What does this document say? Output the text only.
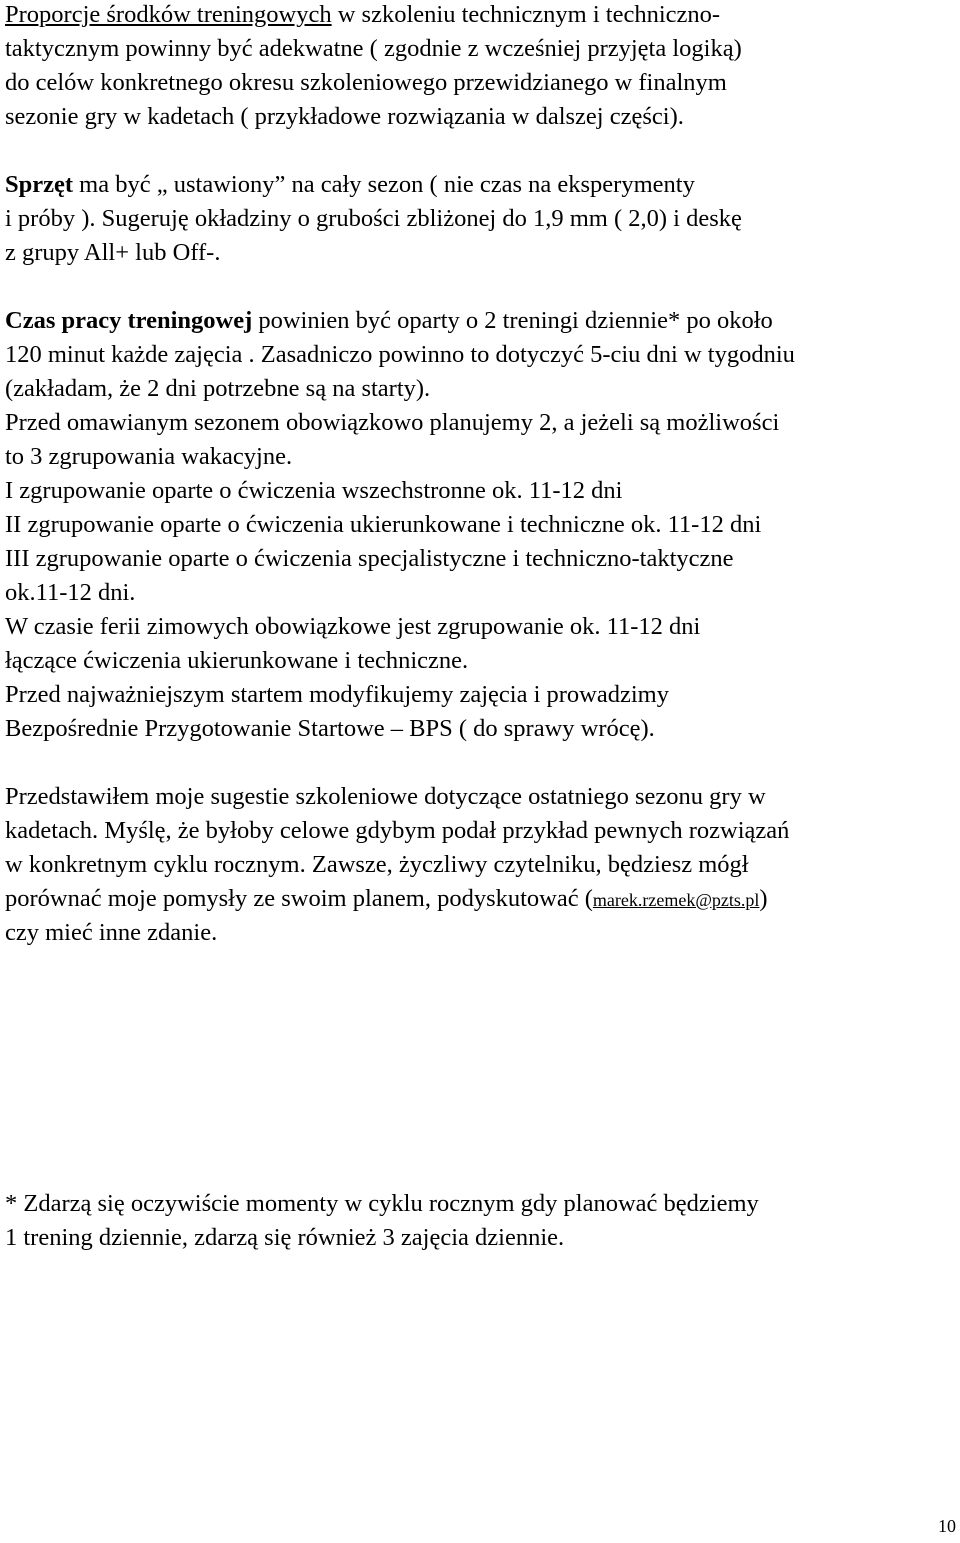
Proporcje środków treningowych w szkoleniu technicznym i techniczno-
taktycznym powinny być adekwatne ( zgodnie z wcześniej przyjęta logiką)
do celów konkretnego okresu szkoleniowego przewidzianego w finalnym
sezonie gry w kadetach ( przykładowe rozwiązania w dalszej części).
Sprzęt ma być „ ustawiony” na cały sezon ( nie czas na eksperymenty
i próby ). Sugeruję okładziny o grubości zbliżonej do 1,9 mm ( 2,0) i deskę
z grupy All+ lub Off-.
Czas pracy treningowej powinien być oparty o 2 treningi dziennie* po około
120 minut każde zajęcia . Zasadniczo powinno to dotyczyć 5-ciu dni w tygodniu
(zakładam, że 2 dni potrzebne są na starty).
Przed omawianym sezonem obowiązkowo planujemy 2, a jeżeli są możliwości
to 3 zgrupowania wakacyjne.
I zgrupowanie oparte o ćwiczenia wszechstronne ok. 11-12 dni
II zgrupowanie oparte o ćwiczenia ukierunkowane i techniczne ok. 11-12 dni
III zgrupowanie oparte o ćwiczenia specjalistyczne i techniczno-taktyczne
ok.11-12 dni.
W czasie ferii zimowych obowiązkowe jest zgrupowanie ok. 11-12 dni
łączące ćwiczenia ukierunkowane i techniczne.
Przed najważniejszym startem modyfikujemy zajęcia i prowadzimy
Bezpośrednie Przygotowanie Startowe – BPS ( do sprawy wrócę).
Przedstawiłem moje sugestie szkoleniowe dotyczące ostatniego sezonu gry w
kadetach. Myślę, że byłoby celowe gdybym podał przykład pewnych rozwiązań
w konkretnym cyklu rocznym. Zawsze, życzliwy czytelniku, będziesz mógł
porównać moje pomysły ze swoim planem, podyskutować (marek.rzemek@pzts.pl)
czy mieć inne zdanie.
* Zdarzą się oczywiście momenty w cyklu rocznym gdy planować będziemy
1 trening dziennie, zdarzą się również 3 zajęcia dziennie.
10
